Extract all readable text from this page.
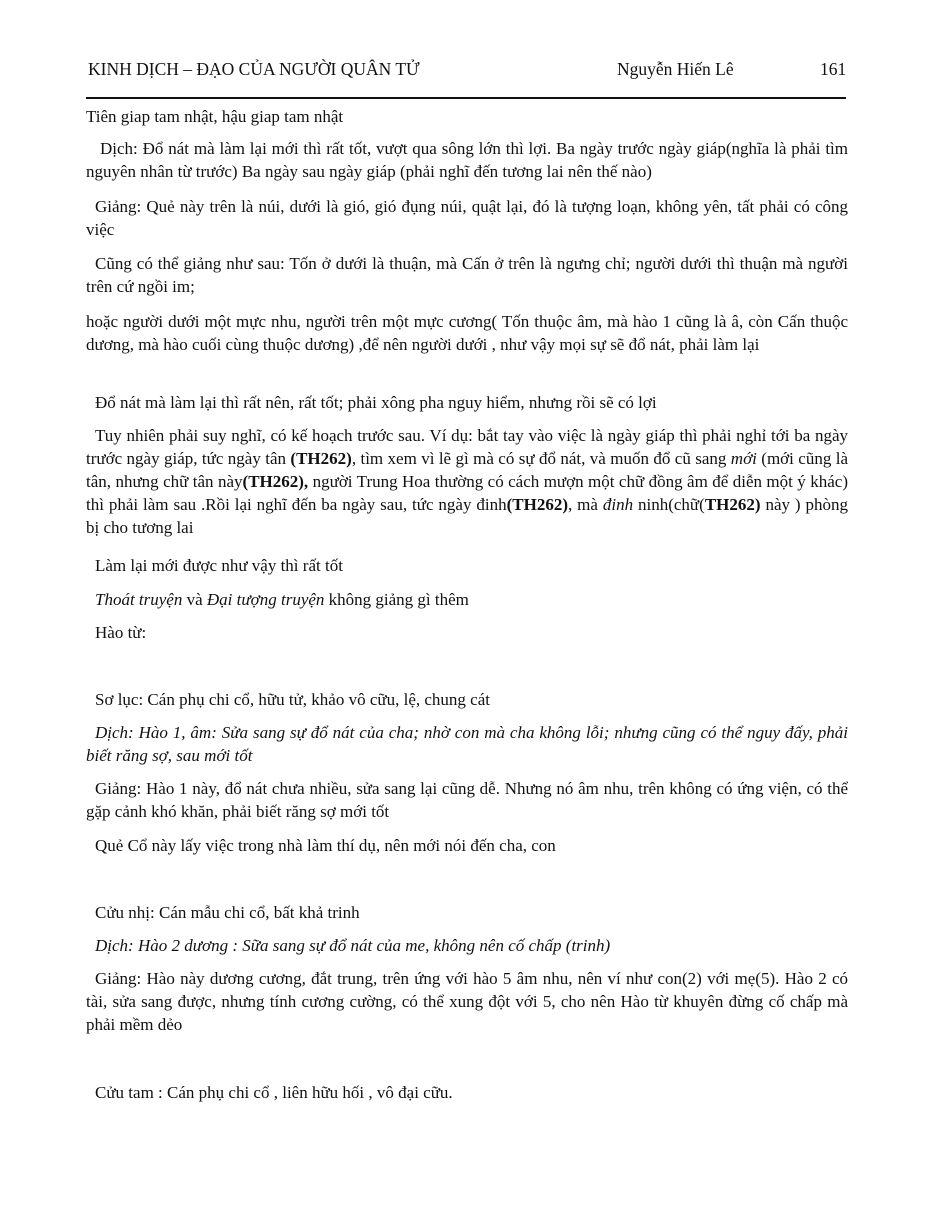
KINH DỊCH – ĐẠO CỦA NGƯỜI QUÂN TỬ	Nguyễn Hiến Lê	161

Tiên giap tam nhật, hậu giap tam nhật

Dịch: Đổ nát mà làm lại mới thì rất tốt, vượt qua sông lớn thì lợi. Ba ngày trước ngày giáp(nghĩa là phải tìm nguyên nhân từ trước) Ba ngày sau ngày giáp (phải nghĩ đến tương lai nên thế nào)

Giảng: Quẻ này trên là núi, dưới là gió, gió đụng núi, quật lại, đó là tượng loạn, không yên, tất phải có công việc

Cũng có thể giảng như sau: Tốn ở dưới là thuận, mà Cấn ở trên là ngưng chỉ; người dưới thì thuận mà người trên cứ ngồi im;

hoặc người dưới một mực nhu, người trên một mực cương( Tốn thuộc âm, mà hào 1 cũng là â, còn Cấn thuộc dương, mà hào cuối cùng thuộc dương) ,để nên người dưới , như vậy mọi sự sẽ đổ nát, phải làm lại

Đổ nát mà làm lại thì rất nên, rất tốt; phải xông pha nguy hiểm, nhưng rồi sẽ có lợi

Tuy nhiên phải suy nghĩ, có kế hoạch trước sau. Ví dụ: bắt tay vào việc là ngày giáp thì phải nghỉ tới ba ngày trước ngày giáp, tức ngày tân (TH262), tìm xem vì lẽ gì mà có sự đổ nát, và muốn đổ cũ sang mới (mới cũng là tân, nhưng chữ tân này(TH262), người Trung Hoa thường có cách mượn một chữ đồng âm để diễn một ý khác) thì phải làm sau .Rồi lại nghĩ đến ba ngày sau, tức ngày đinh(TH262), mà đinh ninh(chữ(TH262) này ) phòng bị cho tương lai

Làm lại mới được như vậy thì rất tốt

Thoát truyện và Đại tượng truyện không giảng gì thêm

Hào từ:

Sơ lục: Cán phụ chi cổ, hữu tử, khảo vô cữu, lệ, chung cát

Dịch: Hào 1, âm: Sửa sang sự đổ nát của cha; nhờ con mà cha không lỗi; nhưng cũng có thể nguy đấy, phải biết răng sợ, sau mới tốt

Giảng: Hào 1 này, đổ nát chưa nhiều, sửa sang lại cũng dễ. Nhưng nó âm nhu, trên không có ứng viện, có thể gặp cảnh khó khăn, phải biết răng sợ mới tốt

Quẻ Cổ này lấy việc trong nhà làm thí dụ, nên mới nói đến cha, con

Cửu nhị: Cán mẫu chi cổ, bất khả trinh

Dịch: Hào 2 dương : Sữa sang sự đổ nát của me, không nên cố chấp (trinh)

Giảng: Hào này dương cương, đắt trung, trên ứng với hào 5 âm nhu, nên ví như con(2) với mẹ(5). Hào 2 có tài, sửa sang được, nhưng tính cương cường, có thể xung đột với 5, cho nên Hào từ khuyên đừng cố chấp mà phải mềm dẻo

Cửu tam : Cán phụ chi cổ , liên hữu hối , vô đại cữu.
